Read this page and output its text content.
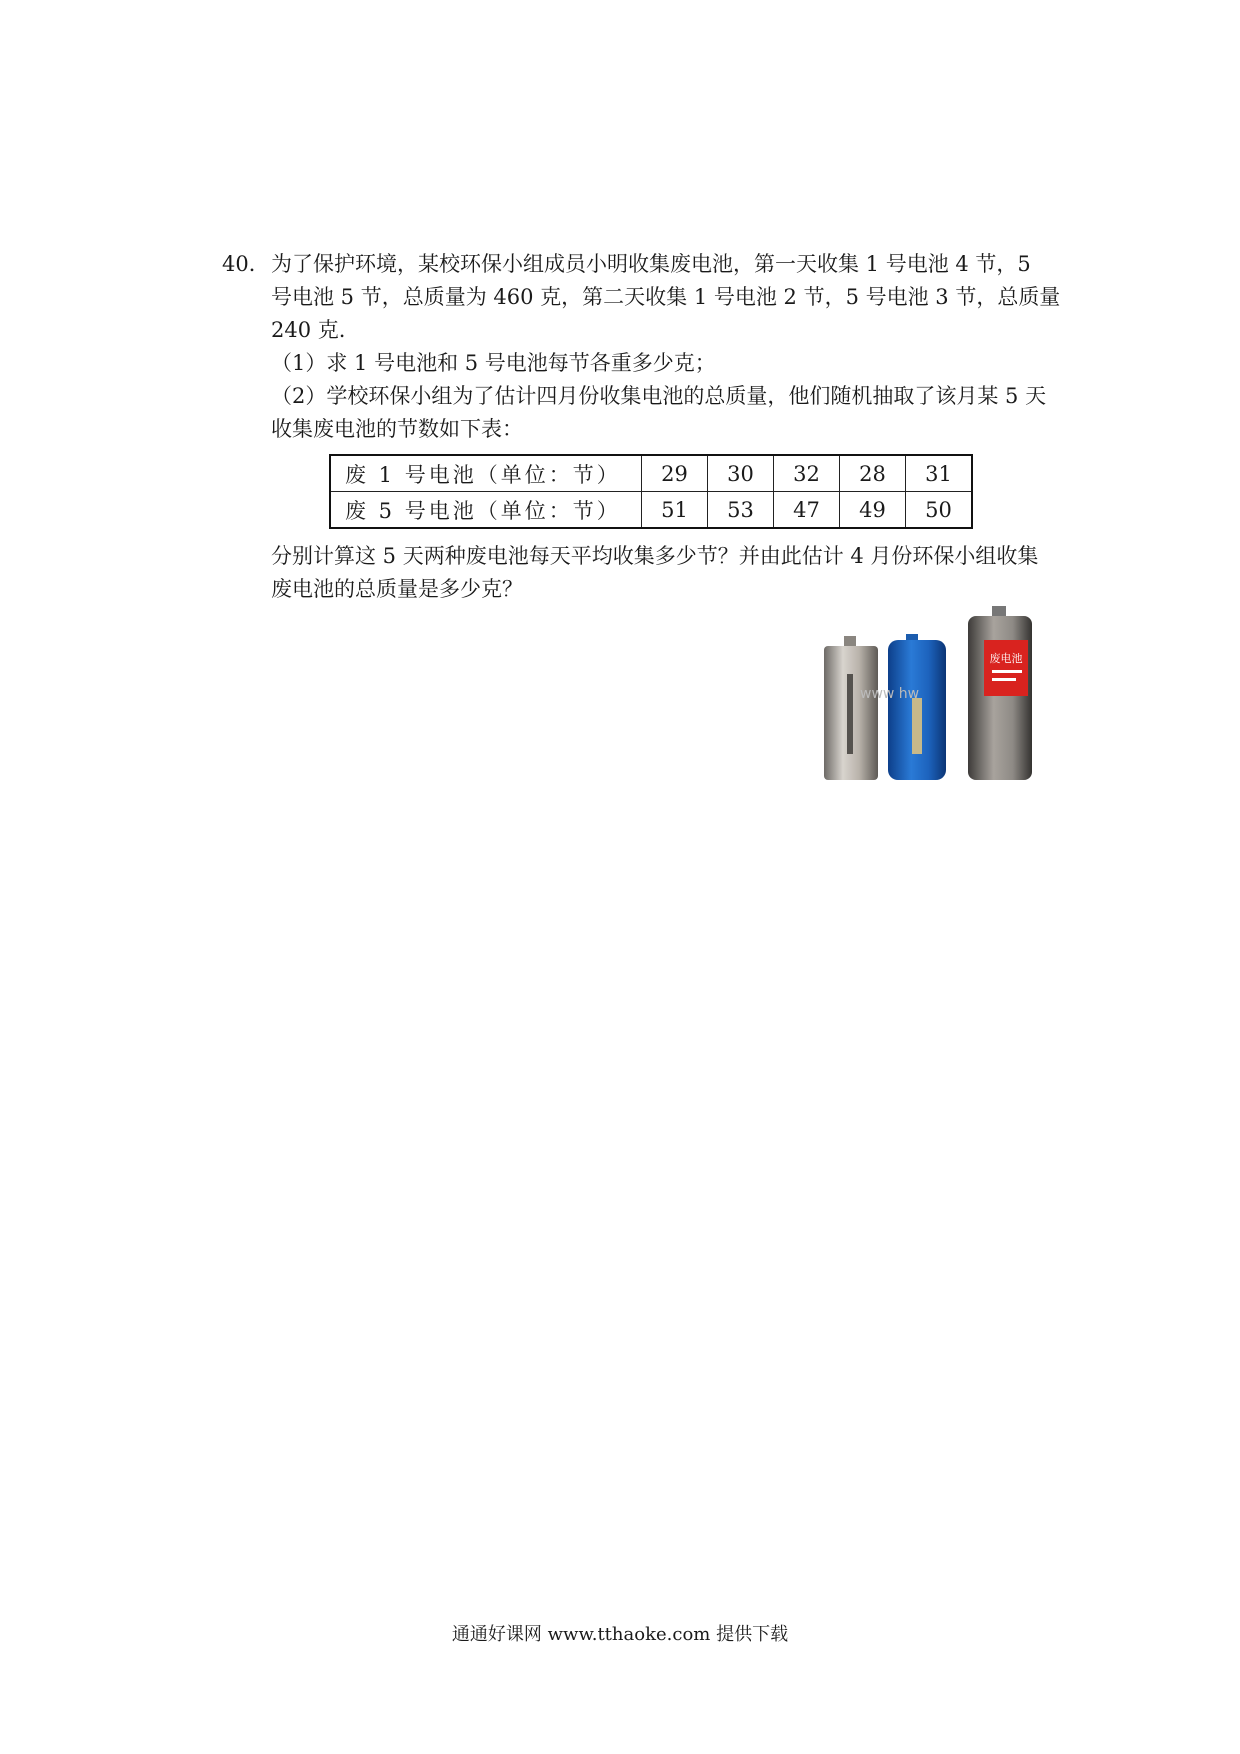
40． 为了保护环境，某校环保小组成员小明收集废电池，第一天收集 1 号电池 4 节，5

号电池 5 节，总质量为 460 克，第二天收集 1 号电池 2 节，5 号电池 3 节，总质量

240 克.

（1）求 1 号电池和 5 号电池每节各重多少克；

（2）学校环保小组为了估计四月份收集电池的总质量，他们随机抽取了该月某 5 天

收集废电池的节数如下表：

废 1 号电池（单位：节）	29	30	32	28	31
废 5 号电池（单位：节）	51	53	47	49	50

分别计算这 5 天两种废电池每天平均收集多少节？并由此估计 4 月份环保小组收集

废电池的总质量是多少克？

废电池
www hw
通通好课网 www.tthaoke.com 提供下载
